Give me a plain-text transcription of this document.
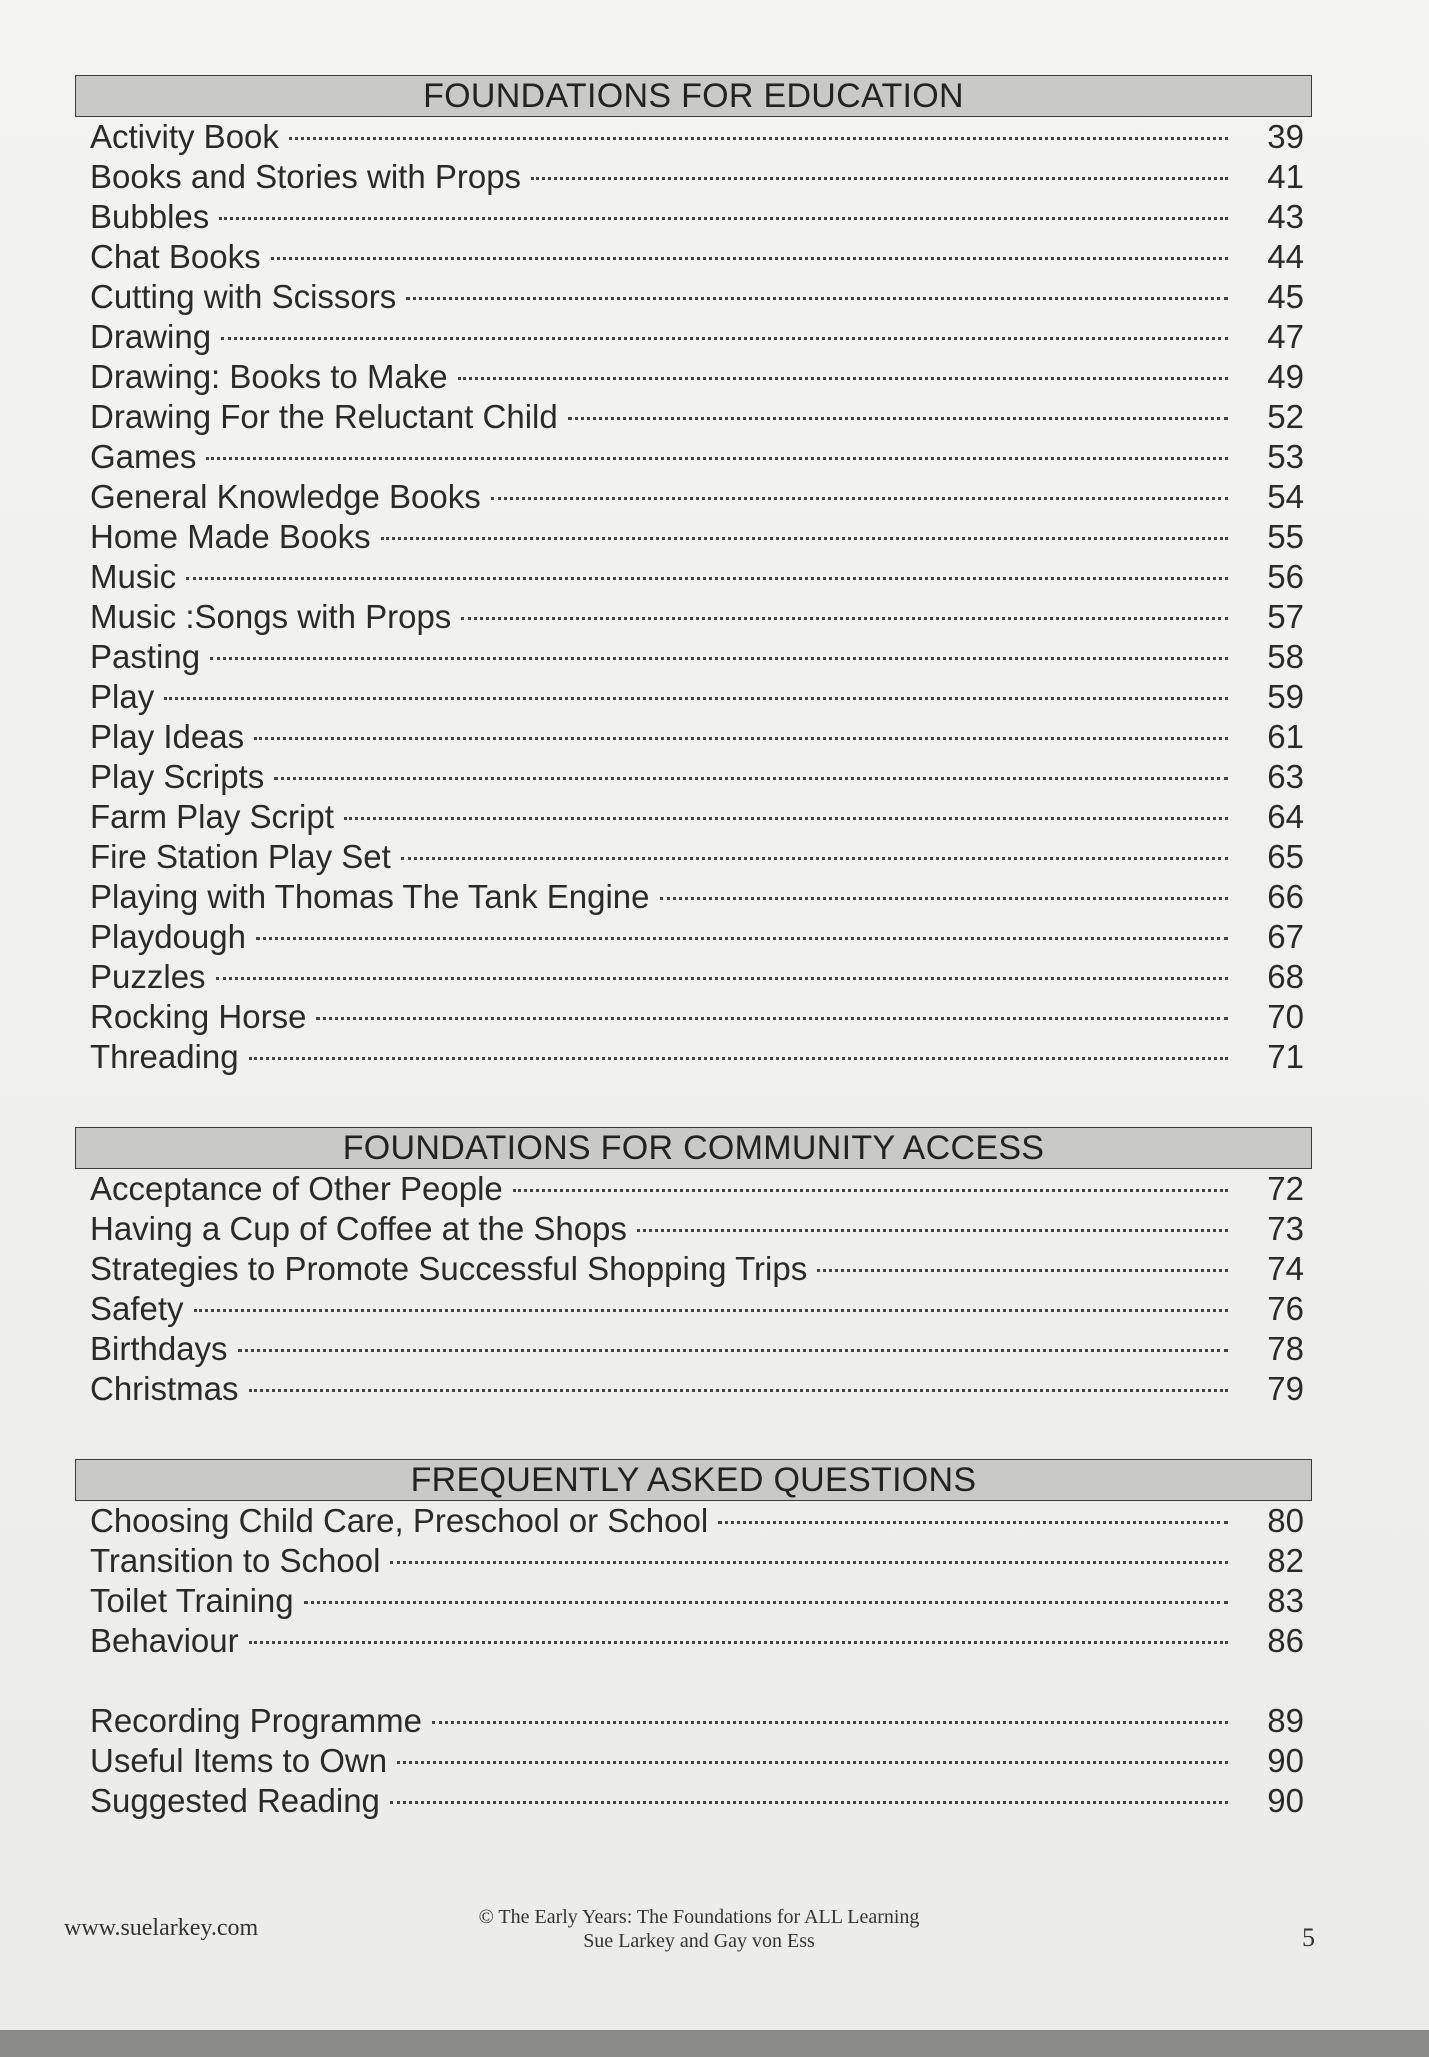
FOUNDATIONS FOR EDUCATION
Activity Book	39
Books and Stories with Props	41
Bubbles	43
Chat Books	44
Cutting with Scissors	45
Drawing	47
Drawing: Books to Make	49
Drawing For the Reluctant Child	52
Games	53
General Knowledge Books	54
Home Made Books	55
Music	56
Music :Songs with Props	57
Pasting	58
Play	59
Play Ideas	61
Play Scripts	63
Farm Play Script	64
Fire Station Play Set	65
Playing with Thomas The Tank Engine	66
Playdough	67
Puzzles	68
Rocking Horse	70
Threading	71
FOUNDATIONS FOR COMMUNITY ACCESS
Acceptance of Other People	72
Having a Cup of Coffee at the Shops	73
Strategies to Promote Successful Shopping Trips	74
Safety	76
Birthdays	78
Christmas	79
FREQUENTLY ASKED QUESTIONS
Choosing Child Care, Preschool or School	80
Transition to School	82
Toilet Training	83
Behaviour	86
Recording Programme	89
Useful Items to Own	90
Suggested Reading	90
www.suelarkey.com	© The Early Years: The Foundations for ALL Learning
Sue Larkey and Gay von Ess	5
